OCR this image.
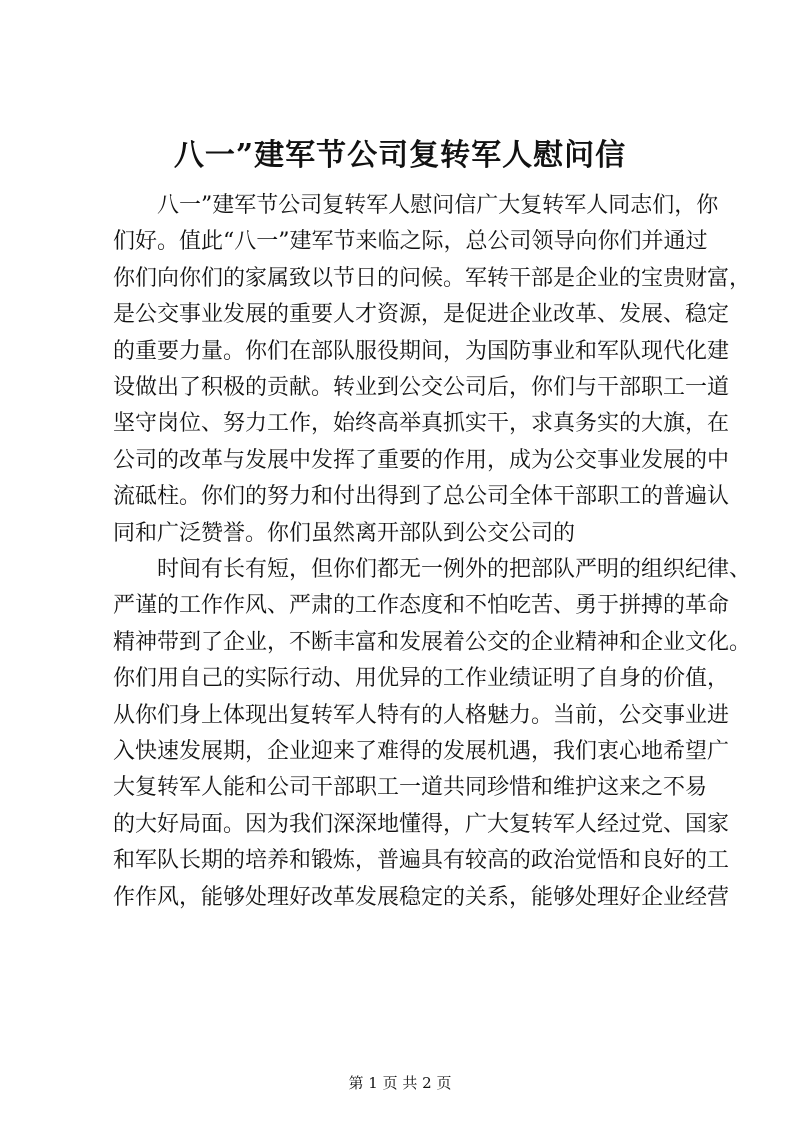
八一”建军节公司复转军人慰问信
八一”建军节公司复转军人慰问信广大复转军人同志们，你
们好。值此“八一”建军节来临之际，总公司领导向你们并通过
你们向你们的家属致以节日的问候。军转干部是企业的宝贵财富，
是公交事业发展的重要人才资源，是促进企业改革、发展、稳定
的重要力量。你们在部队服役期间，为国防事业和军队现代化建
设做出了积极的贡献。转业到公交公司后，你们与干部职工一道
坚守岗位、努力工作，始终高举真抓实干，求真务实的大旗，在
公司的改革与发展中发挥了重要的作用，成为公交事业发展的中
流砥柱。你们的努力和付出得到了总公司全体干部职工的普遍认
同和广泛赞誉。你们虽然离开部队到公交公司的
时间有长有短，但你们都无一例外的把部队严明的组织纪律、
严谨的工作作风、严肃的工作态度和不怕吃苦、勇于拼搏的革命
精神带到了企业，不断丰富和发展着公交的企业精神和企业文化。
你们用自己的实际行动、用优异的工作业绩证明了自身的价值，
从你们身上体现出复转军人特有的人格魅力。当前，公交事业进
入快速发展期，企业迎来了难得的发展机遇，我们衷心地希望广
大复转军人能和公司干部职工一道共同珍惜和维护这来之不易
的大好局面。因为我们深深地懂得，广大复转军人经过党、国家
和军队长期的培养和锻炼，普遍具有较高的政治觉悟和良好的工
作作风，能够处理好改革发展稳定的关系，能够处理好企业经营
第 1 页 共 2 页
